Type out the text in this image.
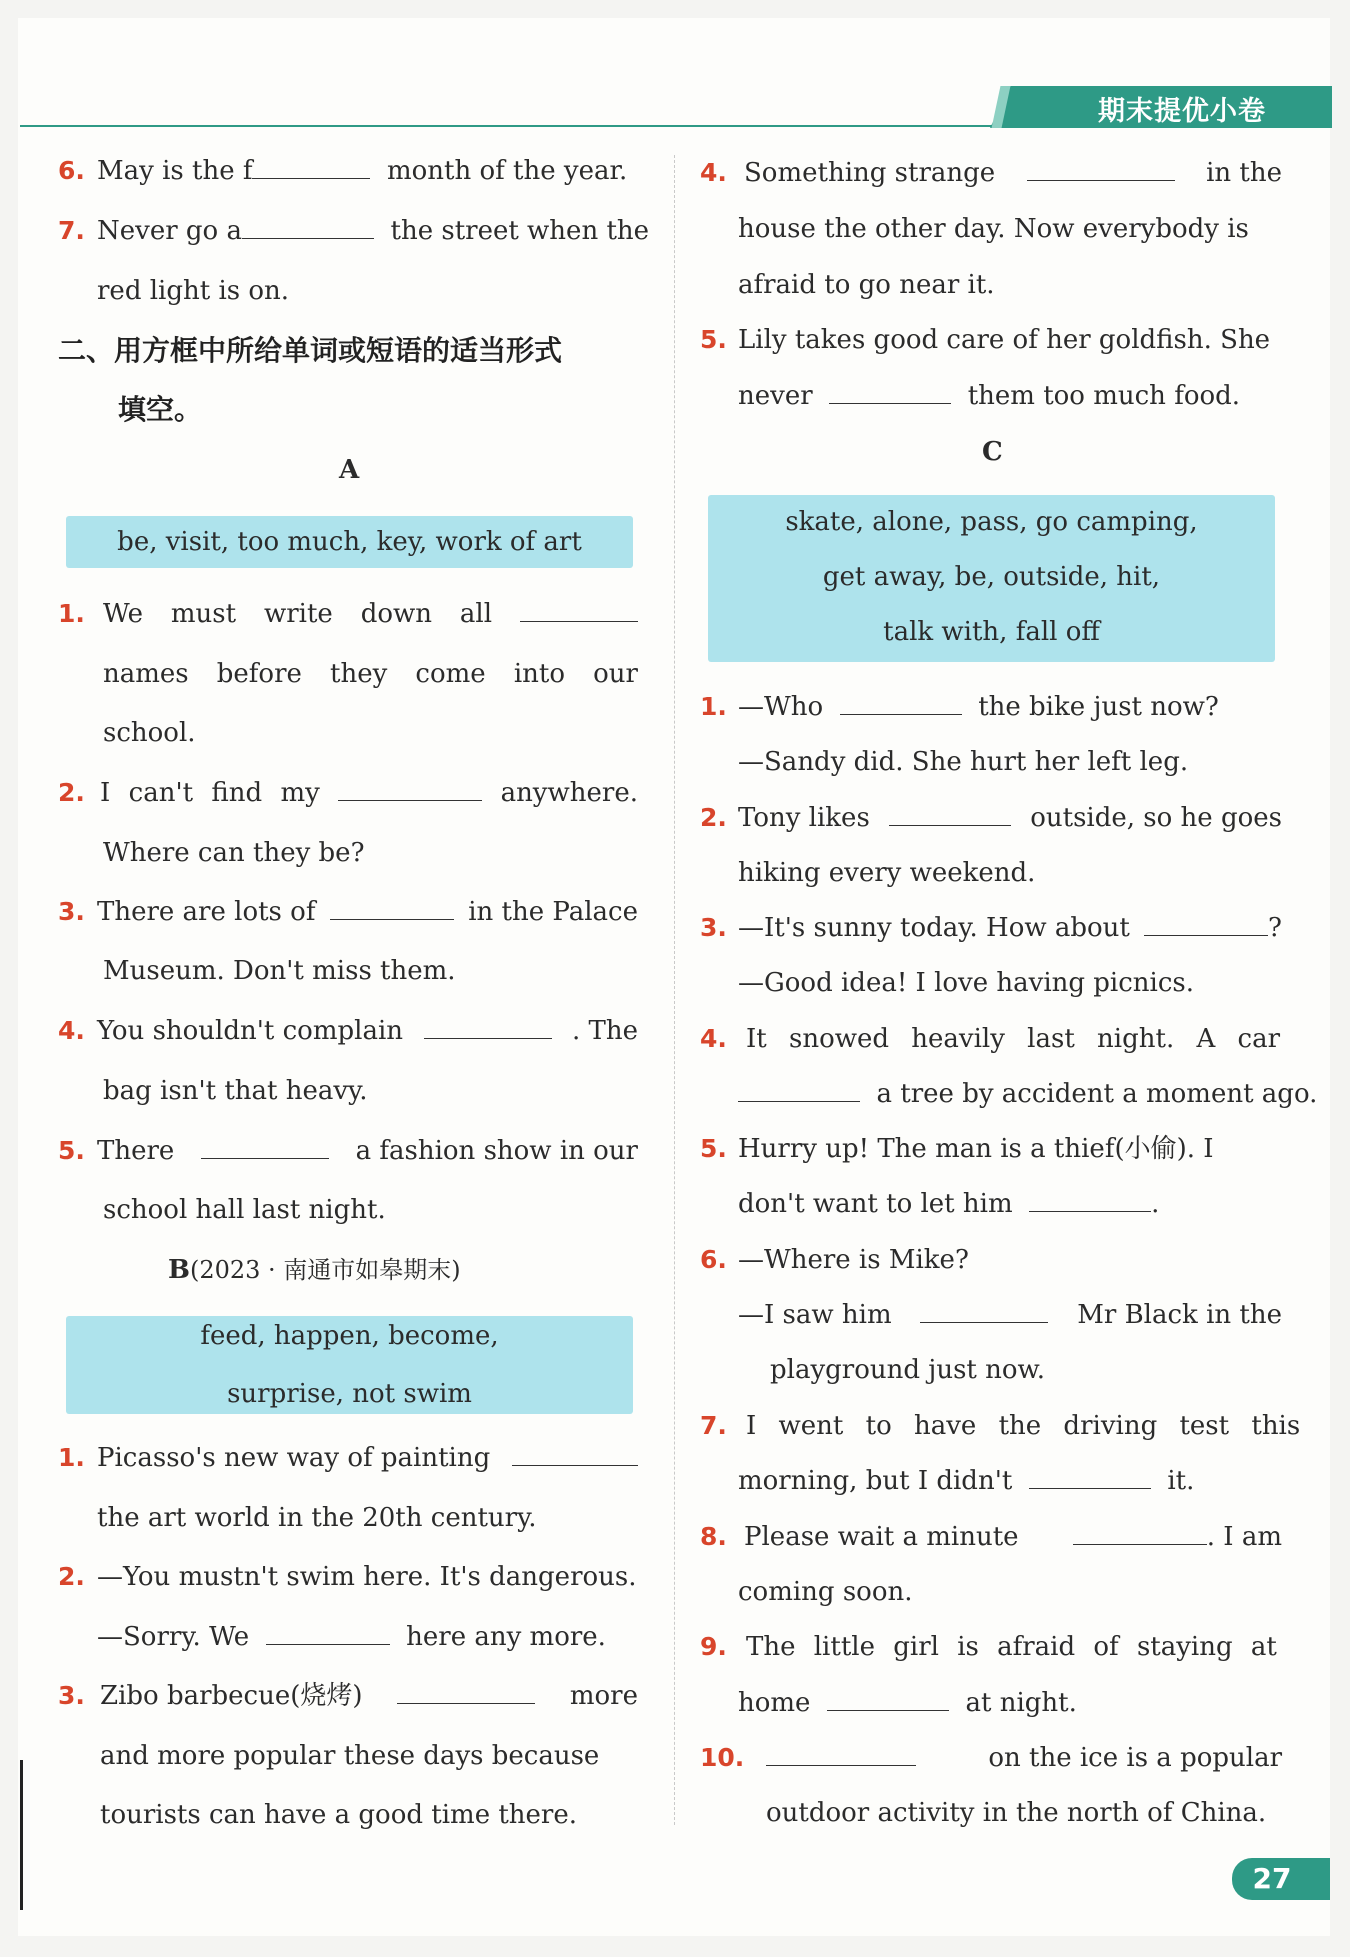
期末提优小卷
6. May is the f	month of the year.
7. Never go a	the street when the
red light is on.
二、用方框中所给单词或短语的适当形式
填空。
A
be, visit, too much, key, work of art
1. We must write down all
names before they come into our
school.
2. I can't find my	anywhere.
Where can they be?
3. There are lots of	in the Palace
Museum. Don't miss them.
4. You shouldn't complain	. The
bag isn't that heavy.
5. There	a fashion show in our
school hall last night.
B(2023 · 南通市如皋期末)
feed, happen, become,
surprise, not swim
1. Picasso's new way of painting
the art world in the 20th century.
2. —You mustn't swim here. It's dangerous.
—Sorry. We	here any more.
3. Zibo barbecue(烧烤)	more
and more popular these days because
tourists can have a good time there.
4. Something strange	in the
house the other day. Now everybody is
afraid to go near it.
5. Lily takes good care of her goldfish. She
never	them too much food.
C
skate, alone, pass, go camping,
get away, be, outside, hit,
talk with, fall off
1. —Who	the bike just now?
—Sandy did. She hurt her left leg.
2. Tony likes	outside, so he goes
hiking every weekend.
3. —It's sunny today. How about	?
—Good idea! I love having picnics.
4. It snowed heavily last night. A car
a tree by accident a moment ago.
5. Hurry up! The man is a thief(小偷). I
don't want to let him	.
6. —Where is Mike?
—I saw him	Mr Black in the
playground just now.
7. I went to have the driving test this
morning, but I didn't	it.
8. Please wait a minute	. I am
coming soon.
9. The little girl is afraid of staying at
home	at night.
10.	on the ice is a popular
outdoor activity in the north of China.
27
